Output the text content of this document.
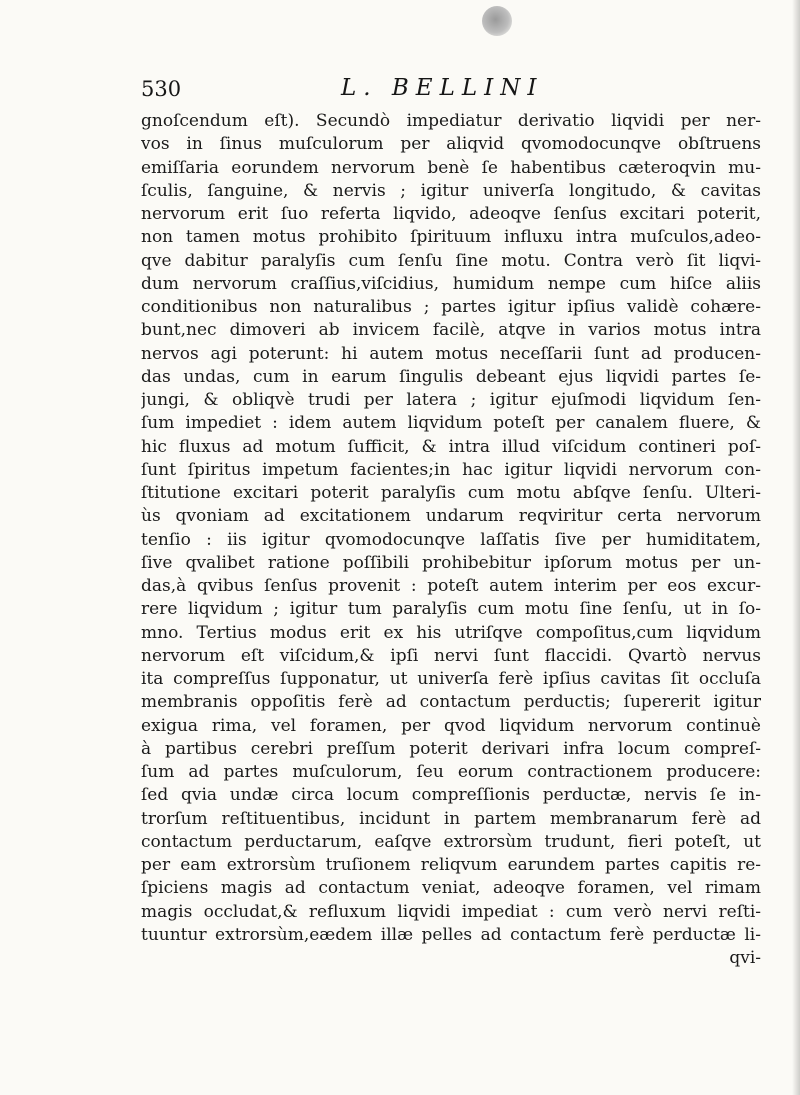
530	L. BELLINI
gnoſcendum eſt). Secundò impediatur derivatio liqvidi per ner-
vos in ſinus muſculorum per aliqvid qvomodocunqve obſtruens
emiſſaria eorundem nervorum benè ſe habentibus cæteroqvin mu-
ſculis, ſanguine, & nervis ; igitur univerſa longitudo, & cavitas
nervorum erit ſuo referta liqvido, adeoqve ſenſus excitari poterit,
non tamen motus prohibito ſpirituum influxu intra muſculos,adeo-
qve dabitur paralyſis cum ſenſu ſine motu. Contra verò ſit liqvi-
dum nervorum craſſius,viſcidius, humidum nempe cum hiſce aliis
conditionibus non naturalibus ; partes igitur ipſius validè cohære-
bunt,nec dimoveri ab invicem facilè, atqve in varios motus intra
nervos agi poterunt: hi autem motus neceſſarii ſunt ad producen-
das undas, cum in earum ſingulis debeant ejus liqvidi partes ſe-
jungi, & obliqvè trudi per latera ; igitur ejuſmodi liqvidum ſen-
ſum impediet : idem autem liqvidum poteſt per canalem fluere, &
hic fluxus ad motum ſufficit, & intra illud viſcidum contineri poſ-
ſunt ſpiritus impetum facientes;in hac igitur liqvidi nervorum con-
ſtitutione excitari poterit paralyſis cum motu abſqve ſenſu. Ulteri-
ùs qvoniam ad excitationem undarum reqviritur certa nervorum
tenſio : iis igitur qvomodocunqve laſſatis ſive per humiditatem,
ſive qvalibet ratione poſſibili prohibebitur ipſorum motus per un-
das,à qvibus ſenſus provenit : poteſt autem interim per eos excur-
rere liqvidum ; igitur tum paralyſis cum motu ſine ſenſu, ut in ſo-
mno. Tertius modus erit ex his utriſqve compoſitus,cum liqvidum
nervorum eſt viſcidum,& ipſi nervi ſunt flaccidi. Qvartò nervus
ita compreſſus ſupponatur, ut univerſa ferè ipſius cavitas ſit occluſa
membranis oppoſitis ferè ad contactum perductis; ſupererit igitur
exigua rima, vel foramen, per qvod liqvidum nervorum continuè
à partibus cerebri preſſum poterit derivari infra locum compreſ-
ſum ad partes muſculorum, ſeu eorum contractionem producere:
ſed qvia undæ circa locum compreſſionis perductæ, nervis ſe in-
trorſum reſtituentibus, incidunt in partem membranarum ferè ad
contactum perductarum, eaſqve extrorsùm trudunt, fieri poteſt, ut
per eam extrorsùm truſionem reliqvum earundem partes capitis re-
ſpiciens magis ad contactum veniat, adeoqve foramen, vel rimam
magis occludat,& refluxum liqvidi impediat : cum verò nervi reſti-
tuuntur extrorsùm,eædem illæ pelles ad contactum ferè perductæ li-
qvi-
